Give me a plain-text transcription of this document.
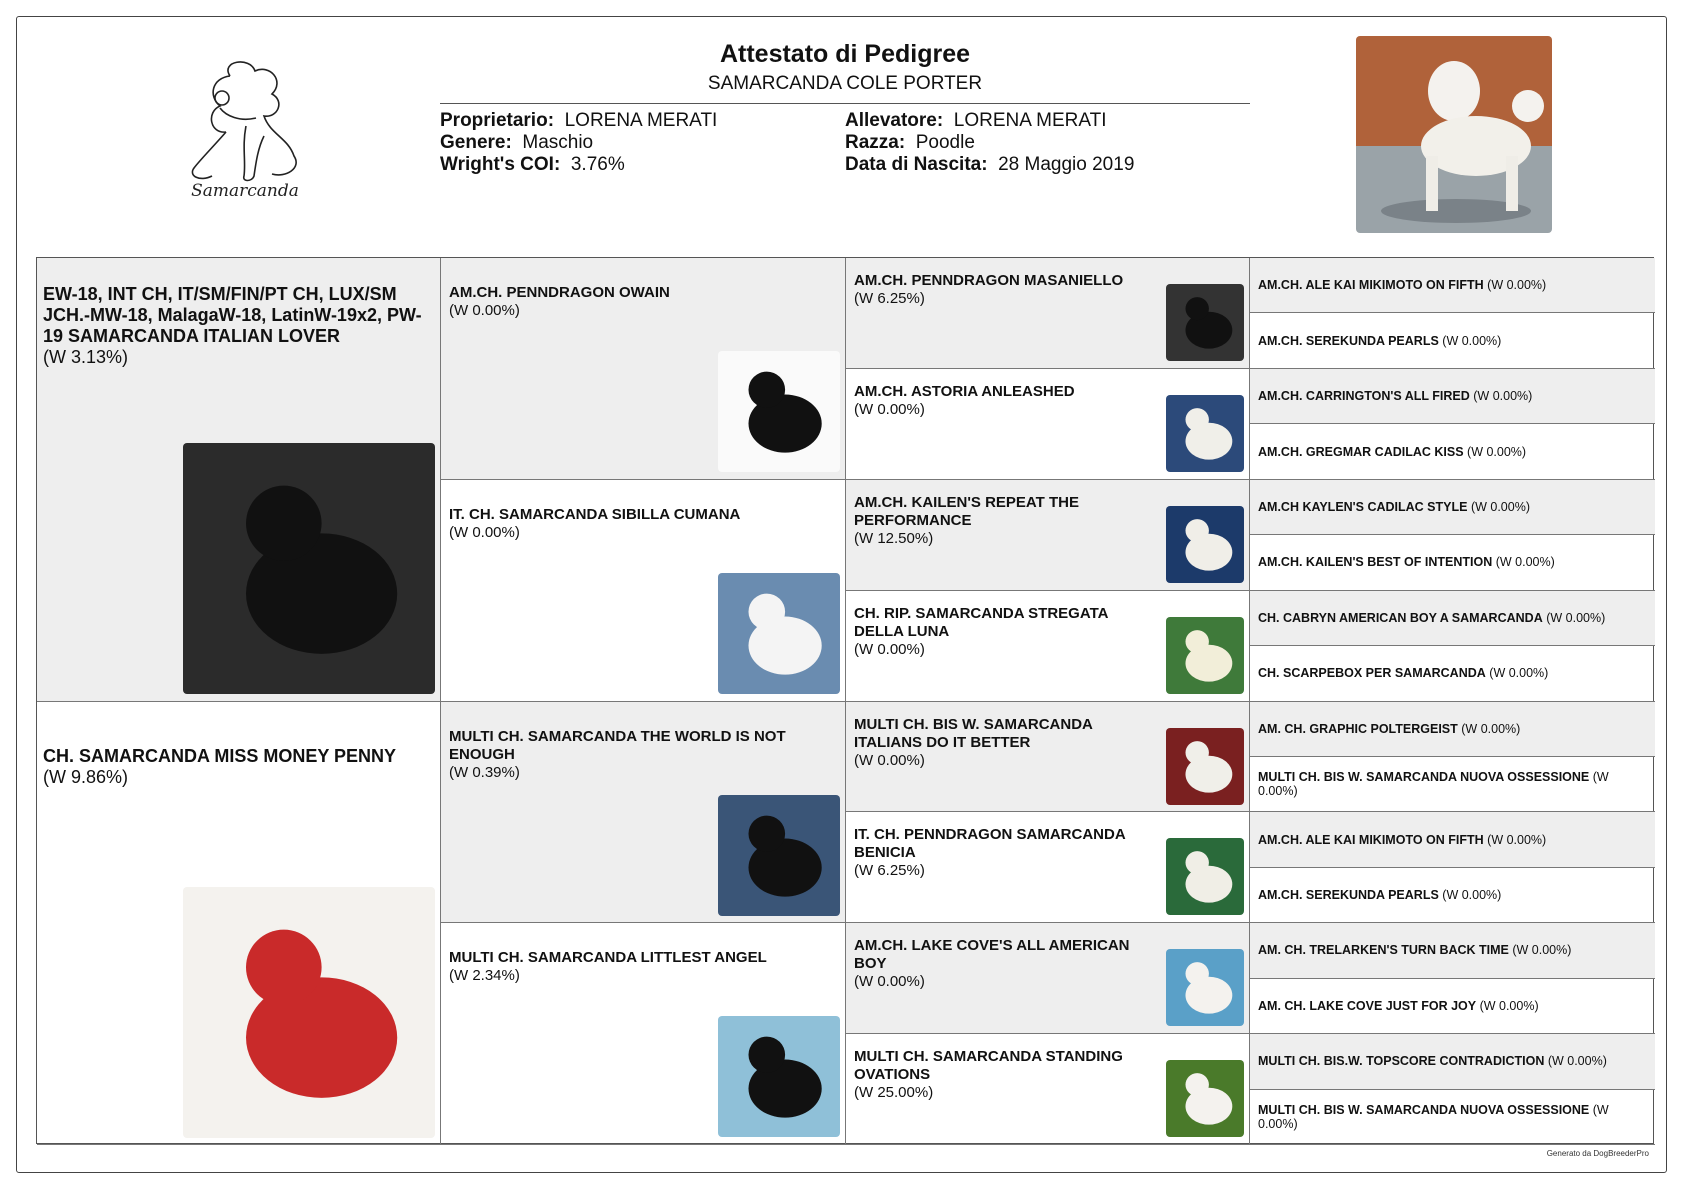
Samarcanda
Attestato di Pedigree
SAMARCANDA COLE PORTER
Proprietario: LORENA MERATI
Genere: Maschio
Wright's COI: 3.76%
Allevatore: LORENA MERATI
Razza: Poodle
Data di Nascita: 28 Maggio 2019
EW-18, INT CH, IT/SM/FIN/PT CH, LUX/SM JCH.-MW-18, MalagaW-18, LatinW-19x2, PW-19 SAMARCANDA ITALIAN LOVER
(W 3.13%)
CH. SAMARCANDA MISS MONEY PENNY
(W 9.86%)
AM.CH. PENNDRAGON OWAIN
(W 0.00%)
IT. CH. SAMARCANDA SIBILLA CUMANA
(W 0.00%)
MULTI CH. SAMARCANDA THE WORLD IS NOT ENOUGH
(W 0.39%)
MULTI CH. SAMARCANDA LITTLEST ANGEL
(W 2.34%)
AM.CH. PENNDRAGON MASANIELLO
(W 6.25%)
AM.CH. ASTORIA ANLEASHED
(W 0.00%)
AM.CH. KAILEN'S REPEAT THE PERFORMANCE
(W 12.50%)
CH. RIP. SAMARCANDA STREGATA DELLA LUNA
(W 0.00%)
MULTI CH. BIS W. SAMARCANDA ITALIANS DO IT BETTER
(W 0.00%)
IT. CH. PENNDRAGON SAMARCANDA BENICIA
(W 6.25%)
AM.CH. LAKE COVE'S ALL AMERICAN BOY
(W 0.00%)
MULTI CH. SAMARCANDA STANDING OVATIONS
(W 25.00%)
AM.CH. ALE KAI MIKIMOTO ON FIFTH (W 0.00%)
AM.CH. SEREKUNDA PEARLS (W 0.00%)
AM.CH. CARRINGTON'S ALL FIRED (W 0.00%)
AM.CH. GREGMAR CADILAC KISS (W 0.00%)
AM.CH KAYLEN'S CADILAC STYLE (W 0.00%)
AM.CH. KAILEN'S BEST OF INTENTION (W 0.00%)
CH. CABRYN AMERICAN BOY A SAMARCANDA (W 0.00%)
CH. SCARPEBOX PER SAMARCANDA (W 0.00%)
AM. CH. GRAPHIC POLTERGEIST (W 0.00%)
MULTI CH. BIS W. SAMARCANDA NUOVA OSSESSIONE (W 0.00%)
AM.CH. ALE KAI MIKIMOTO ON FIFTH (W 0.00%)
AM.CH. SEREKUNDA PEARLS (W 0.00%)
AM. CH. TRELARKEN'S TURN BACK TIME (W 0.00%)
AM. CH. LAKE COVE JUST FOR JOY (W 0.00%)
MULTI CH. BIS.W. TOPSCORE CONTRADICTION (W 0.00%)
MULTI CH. BIS W. SAMARCANDA NUOVA OSSESSIONE (W 0.00%)
Generato da DogBreederPro
